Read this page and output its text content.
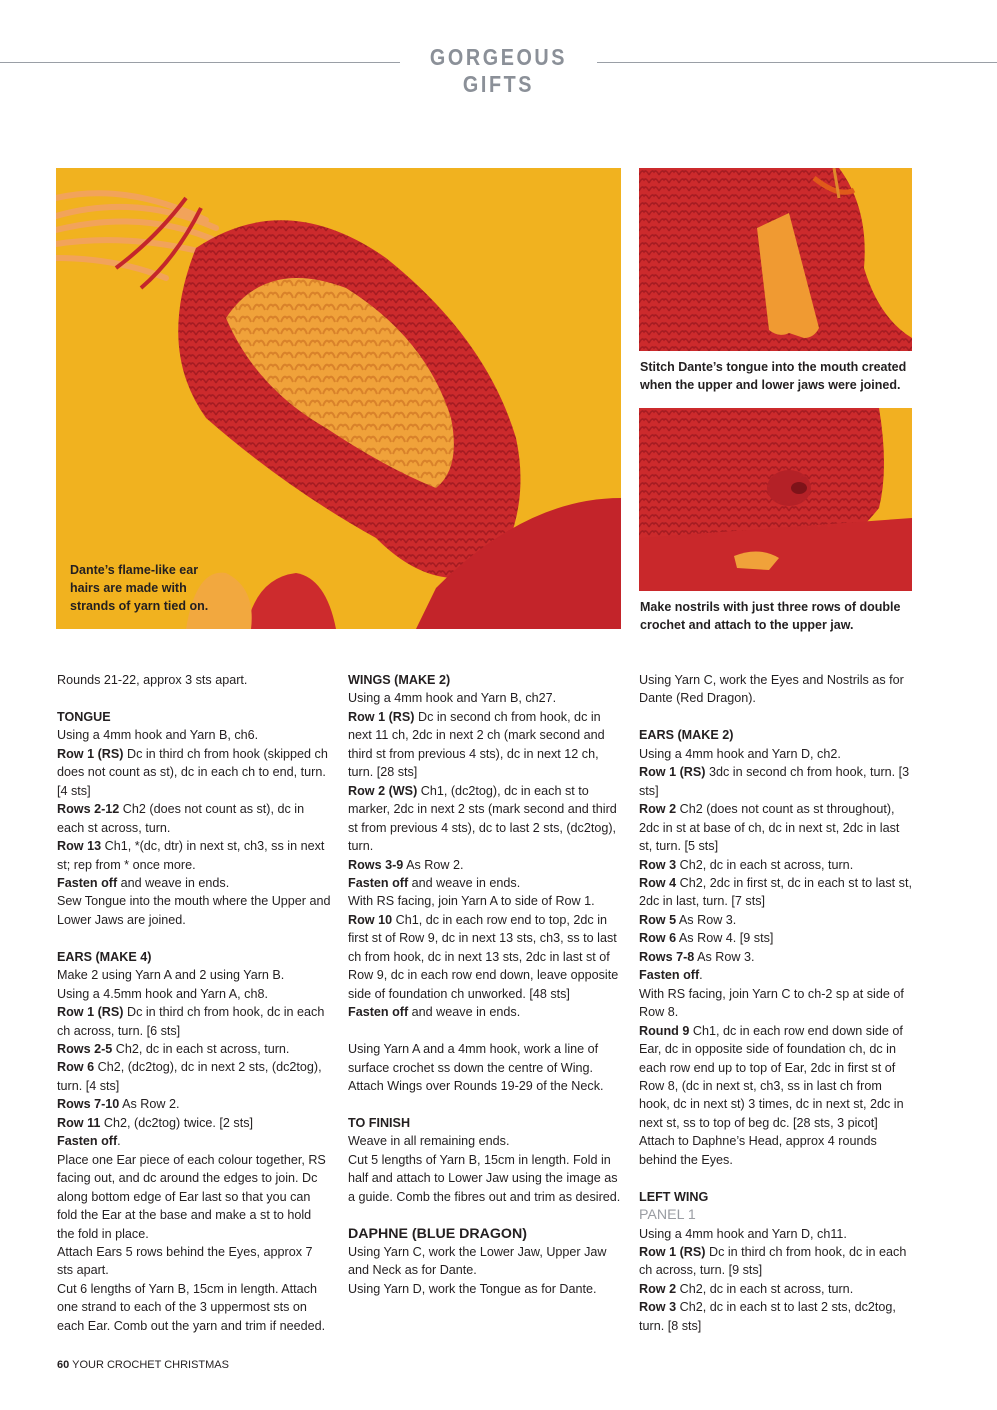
GORGEOUS GIFTS
Dante’s flame-like ear hairs are made with strands of yarn tied on.
Stitch Dante’s tongue into the mouth created when the upper and lower jaws were joined.
Make nostrils with just three rows of double crochet and attach to the upper jaw.

Rounds 21-22, approx 3 sts apart.

TONGUE

Using a 4mm hook and Yarn B, ch6.

Row 1 (RS) Dc in third ch from hook (skipped ch does not count as st), dc in each ch to end, turn. [4 sts]

Rows 2-12 Ch2 (does not count as st), dc in each st across, turn.

Row 13 Ch1, *(dc, dtr) in next st, ch3, ss in next st; rep from * once more.

Fasten off and weave in ends.

Sew Tongue into the mouth where the Upper and Lower Jaws are joined.

EARS (MAKE 4)

Make 2 using Yarn A and 2 using Yarn B.

Using a 4.5mm hook and Yarn A, ch8.

Row 1 (RS) Dc in third ch from hook, dc in each ch across, turn. [6 sts]

Rows 2-5 Ch2, dc in each st across, turn.

Row 6 Ch2, (dc2tog), dc in next 2 sts, (dc2tog), turn. [4 sts]

Rows 7-10 As Row 2.

Row 11 Ch2, (dc2tog) twice. [2 sts]

Fasten off.

Place one Ear piece of each colour together, RS facing out, and dc around the edges to join. Dc along bottom edge of Ear last so that you can fold the Ear at the base and make a st to hold the fold in place.

Attach Ears 5 rows behind the Eyes, approx 7 sts apart.

Cut 6 lengths of Yarn B, 15cm in length. Attach one strand to each of the 3 uppermost sts on each Ear. Comb out the yarn and trim if needed.

WINGS (MAKE 2)

Using a 4mm hook and Yarn B, ch27.

Row 1 (RS) Dc in second ch from hook, dc in next 11 ch, 2dc in next 2 ch (mark second and third st from previous 4 sts), dc in next 12 ch, turn. [28 sts]

Row 2 (WS) Ch1, (dc2tog), dc in each st to marker, 2dc in next 2 sts (mark second and third st from previous 4 sts), dc to last 2 sts, (dc2tog), turn.

Rows 3-9 As Row 2.

Fasten off and weave in ends.

With RS facing, join Yarn A to side of Row 1.

Row 10 Ch1, dc in each row end to top, 2dc in first st of Row 9, dc in next 13 sts, ch3, ss to last ch from hook, dc in next 13 sts, 2dc in last st of Row 9, dc in each row end down, leave opposite side of foundation ch unworked. [48 sts]

Fasten off and weave in ends.

Using Yarn A and a 4mm hook, work a line of surface crochet ss down the centre of Wing. Attach Wings over Rounds 19-29 of the Neck.

TO FINISH

Weave in all remaining ends.

Cut 5 lengths of Yarn B, 15cm in length. Fold in half and attach to Lower Jaw using the image as a guide. Comb the fibres out and trim as desired.

DAPHNE (BLUE DRAGON)

Using Yarn C, work the Lower Jaw, Upper Jaw and Neck as for Dante.

Using Yarn D, work the Tongue as for Dante.

Using Yarn C, work the Eyes and Nostrils as for Dante (Red Dragon).

EARS (MAKE 2)

Using a 4mm hook and Yarn D, ch2.

Row 1 (RS) 3dc in second ch from hook, turn. [3 sts]

Row 2 Ch2 (does not count as st throughout), 2dc in st at base of ch, dc in next st, 2dc in last st, turn. [5 sts]

Row 3 Ch2, dc in each st across, turn.

Row 4 Ch2, 2dc in first st, dc in each st to last st, 2dc in last, turn. [7 sts]

Row 5 As Row 3.

Row 6 As Row 4. [9 sts]

Rows 7-8 As Row 3.

Fasten off.

With RS facing, join Yarn C to ch-2 sp at side of Row 8.

Round 9 Ch1, dc in each row end down side of Ear, dc in opposite side of foundation ch, dc in each row end up to top of Ear, 2dc in first st of Row 8, (dc in next st, ch3, ss in last ch from hook, dc in next st) 3 times, dc in next st, 2dc in next st, ss to top of beg dc. [28 sts, 3 picot]

Attach to Daphne’s Head, approx 4 rounds behind the Eyes.

LEFT WING

PANEL 1

Using a 4mm hook and Yarn D, ch11.

Row 1 (RS) Dc in third ch from hook, dc in each ch across, turn. [9 sts]

Row 2 Ch2, dc in each st across, turn.

Row 3 Ch2, dc in each st to last 2 sts, dc2tog, turn. [8 sts]

60 YOUR CROCHET CHRISTMAS
